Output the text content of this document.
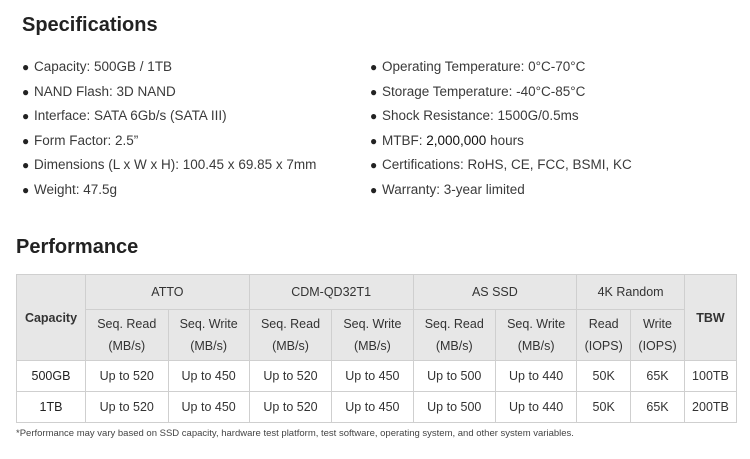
Specifications
● Capacity: 500GB / 1TB
● NAND Flash: 3D NAND
● Interface: SATA 6Gb/s (SATA III)
● Form Factor: 2.5”
● Dimensions (L x W x H): 100.45 x 69.85 x 7mm
● Weight: 47.5g
● Operating Temperature: 0°C-70°C
● Storage Temperature: -40°C-85°C
● Shock Resistance: 1500G/0.5ms
● MTBF: 2,000,000 hours
● Certifications: RoHS, CE, FCC, BSMI, KC
● Warranty: 3-year limited
Performance
Capacity	ATTO		CDM-QD32T1		AS SSD		4K Random		TBW
	Seq. Read
(MB/s)	Seq. Write
(MB/s)	Seq. Read
(MB/s)	Seq. Write
(MB/s)	Seq. Read
(MB/s)	Seq. Write
(MB/s)	Read
(IOPS)	Write
(IOPS)	
500GB	Up to 520	Up to 450	Up to 520	Up to 450	Up to 500	Up to 440	50K	65K	100TB
1TB	Up to 520	Up to 450	Up to 520	Up to 450	Up to 500	Up to 440	50K	65K	200TB

*Performance may vary based on SSD capacity, hardware test platform, test software, operating system, and other system variables.
